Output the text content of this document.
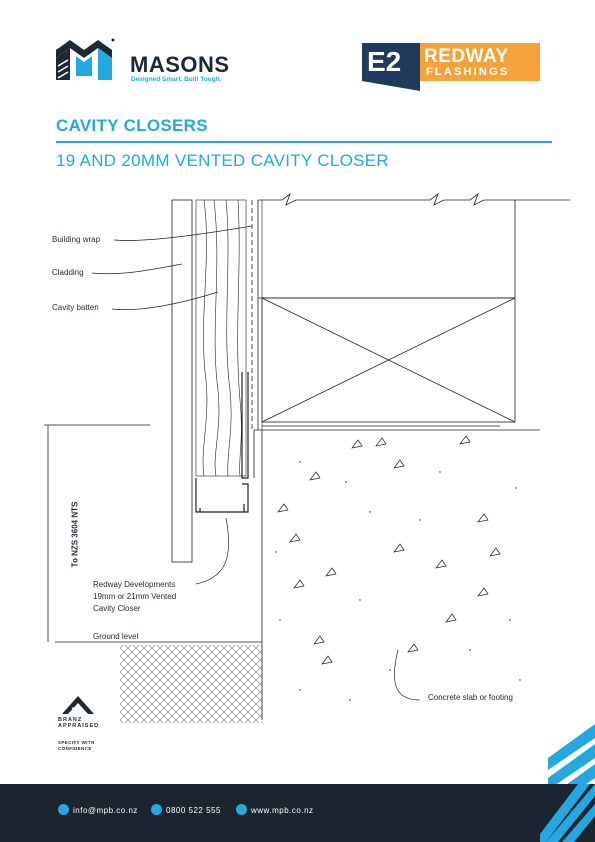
MASONS
Designed Smart. Built Tough.
E2 REDWAY
FLASHINGS
CAVITY CLOSERS
19 AND 20MM VENTED CAVITY CLOSER
Building wrap
Cladding
Cavity batten
Redway Developments
19mm or 21mm Vented
Cavity Closer
Ground level
Concrete slab or footing
To NZS 3604 NTS
BRANZ
APPRAISED
SPECIFY WITH
CONFIDENCE
info@mpb.co.nz	0800 522 555	www.mpb.co.nz
